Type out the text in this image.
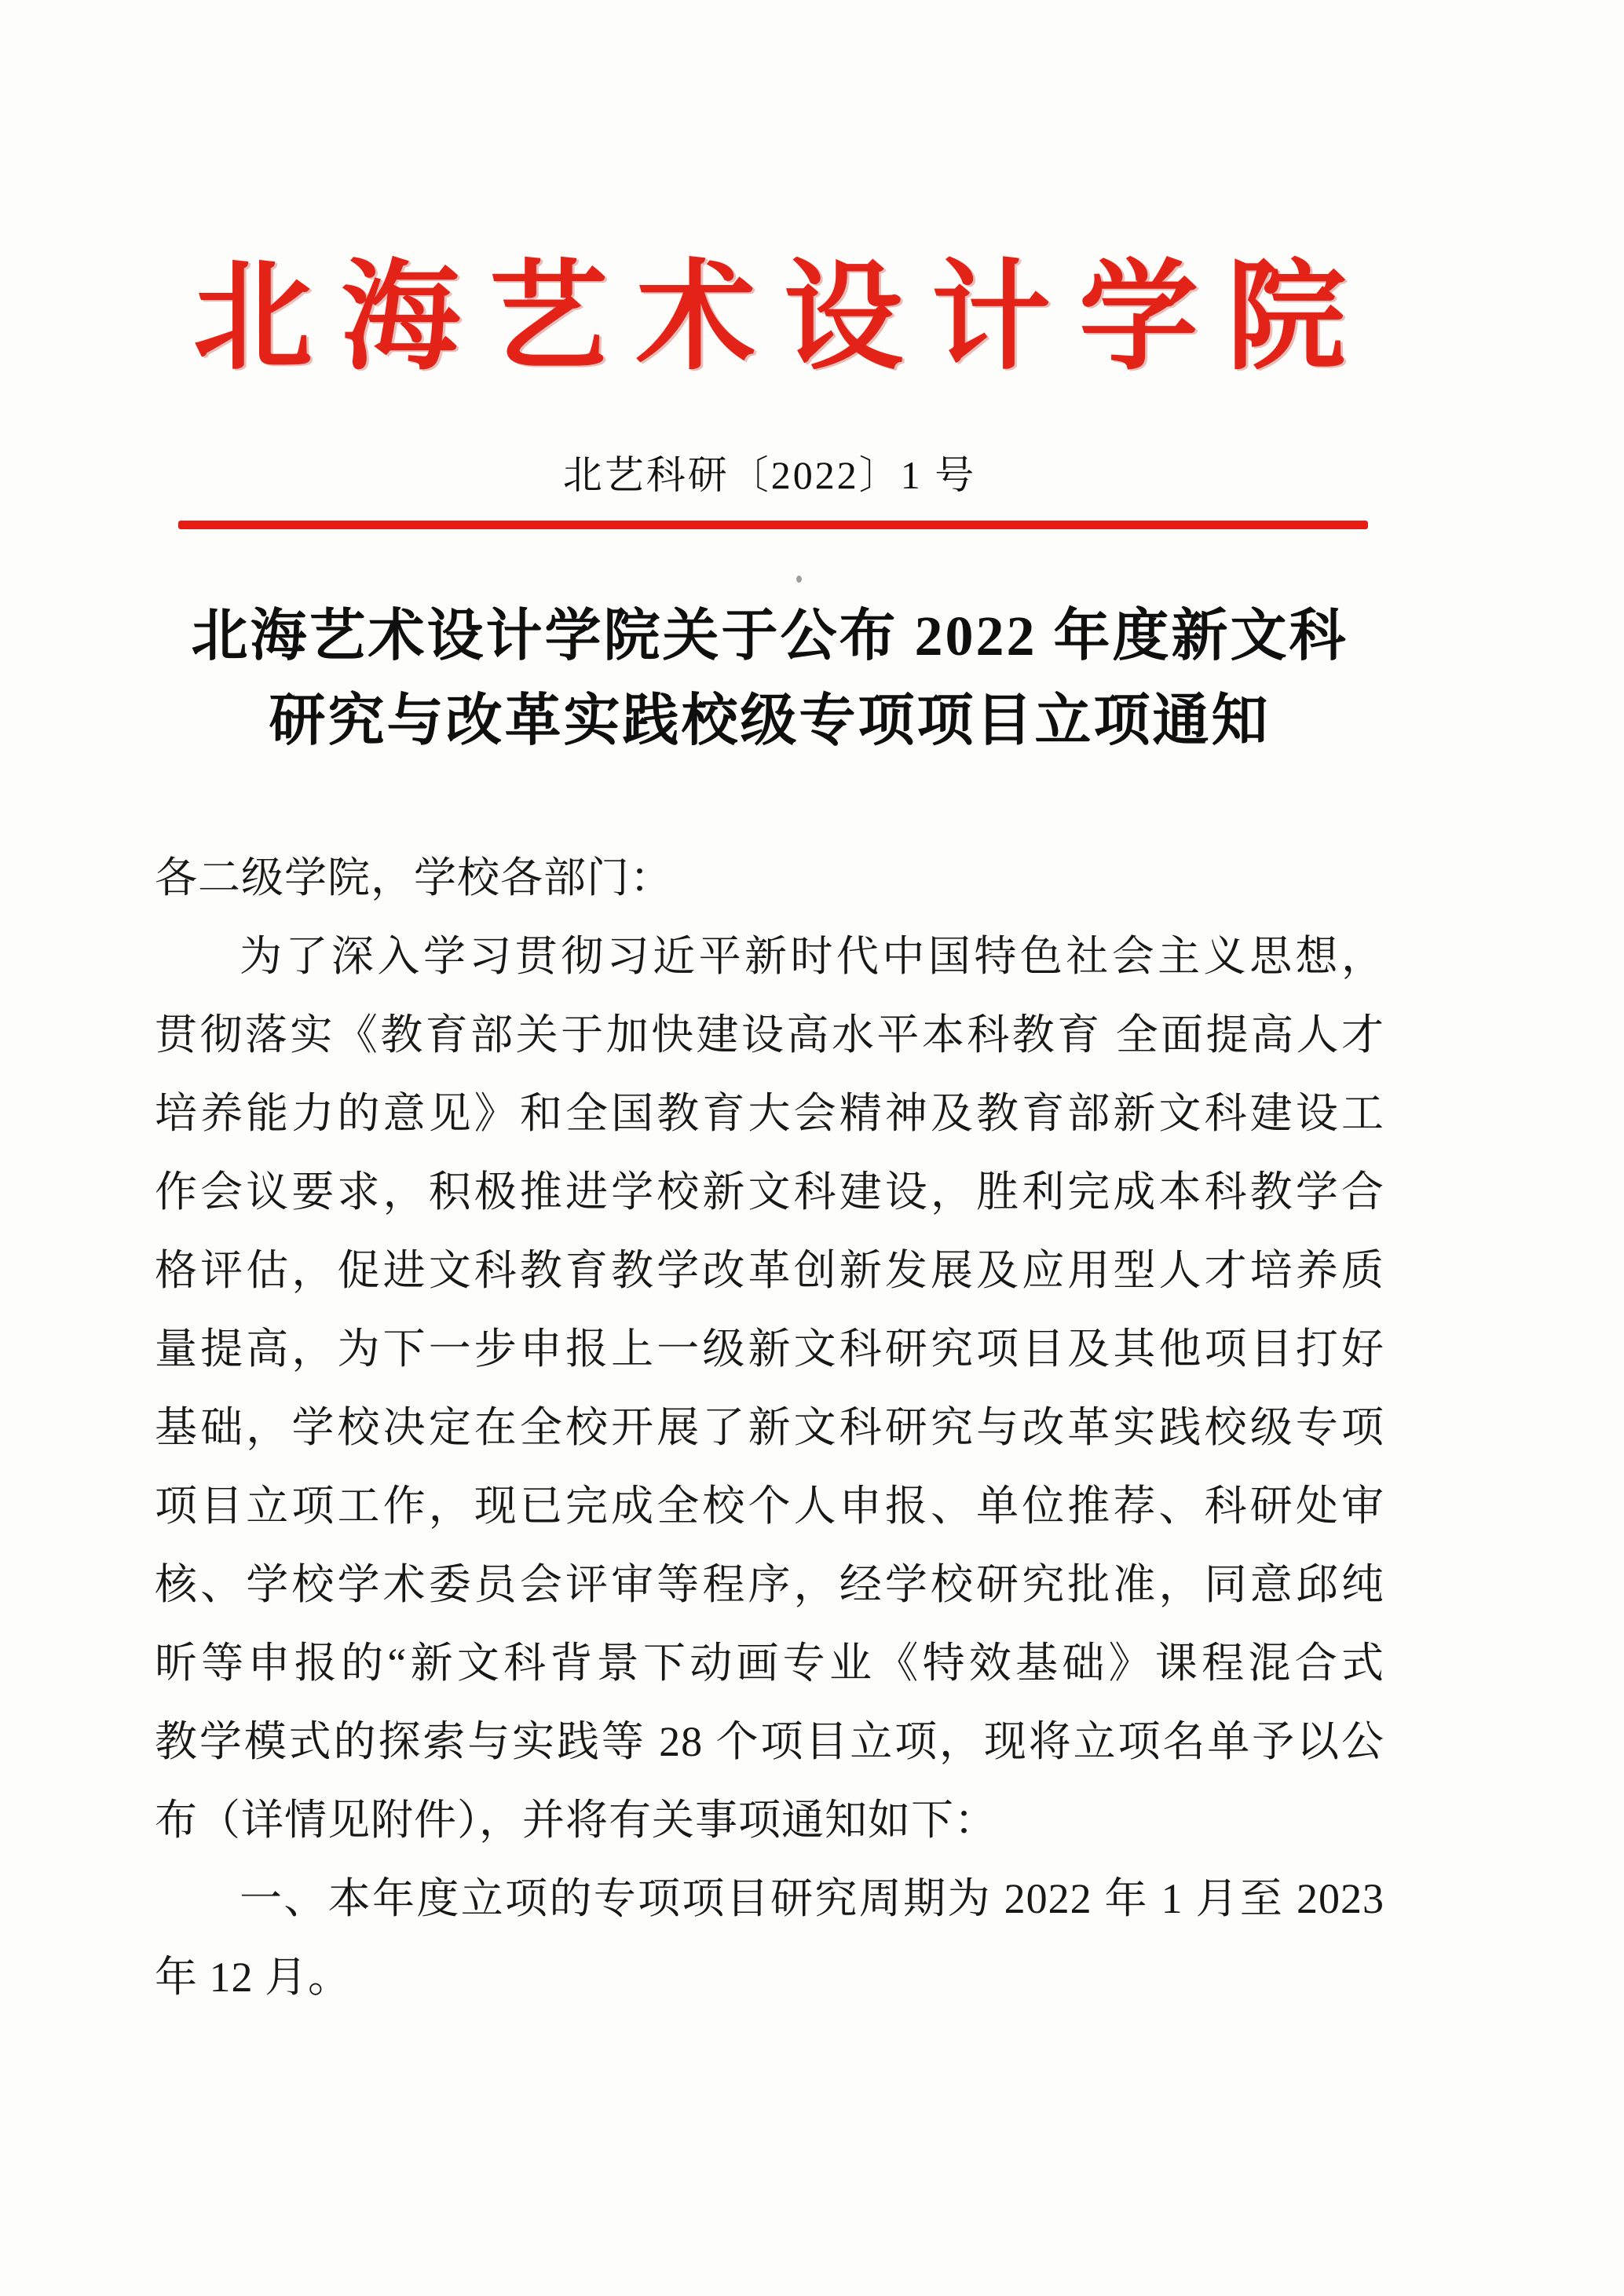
北海艺术设计学院
北艺科研〔2022〕1 号
北海艺术设计学院关于公布 2022 年度新文科
研究与改革实践校级专项项目立项通知
各二级学院，学校各部门：
为了深入学习贯彻习近平新时代中国特色社会主义思想，
贯彻落实《教育部关于加快建设高水平本科教育 全面提高人才
培养能力的意见》和全国教育大会精神及教育部新文科建设工
作会议要求，积极推进学校新文科建设，胜利完成本科教学合
格评估，促进文科教育教学改革创新发展及应用型人才培养质
量提高，为下一步申报上一级新文科研究项目及其他项目打好
基础，学校决定在全校开展了新文科研究与改革实践校级专项
项目立项工作，现已完成全校个人申报、单位推荐、科研处审
核、学校学术委员会评审等程序，经学校研究批准，同意邱纯
昕等申报的“新文科背景下动画专业《特效基础》课程混合式
教学模式的探索与实践等 28 个项目立项，现将立项名单予以公
布（详情见附件），并将有关事项通知如下：
一、本年度立项的专项项目研究周期为 2022 年 1 月至 2023
年 12 月。
